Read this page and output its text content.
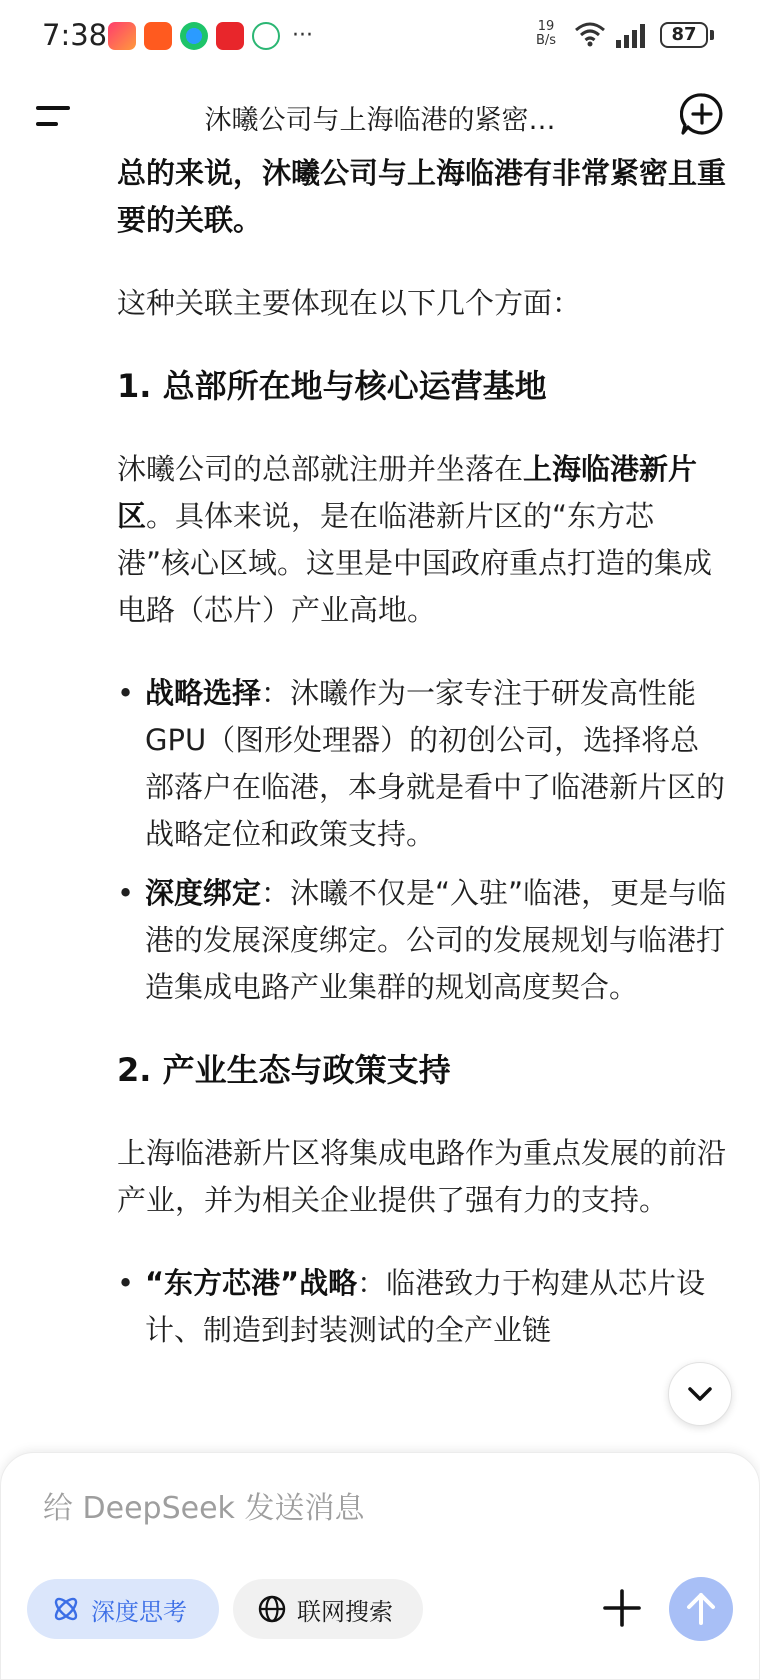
7:38	···	19
B/s	87
沐曦公司与上海临港的紧密…

总的来说，沐曦公司与上海临港有非常紧密且重要的关联。

这种关联主要体现在以下几个方面：

1. 总部所在地与核心运营基地

沐曦公司的总部就注册并坐落在上海临港新片区。具体来说，是在临港新片区的“东方芯港”核心区域。这里是中国政府重点打造的集成电路（芯片）产业高地。

• 战略选择：沐曦作为一家专注于研发高性能GPU（图形处理器）的初创公司，选择将总部落户在临港，本身就是看中了临港新片区的战略定位和政策支持。
• 深度绑定：沐曦不仅是“入驻”临港，更是与临港的发展深度绑定。公司的发展规划与临港打造集成电路产业集群的规划高度契合。

2. 产业生态与政策支持

上海临港新片区将集成电路作为重点发展的前沿产业，并为相关企业提供了强有力的支持。

• “东方芯港”战略：临港致力于构建从芯片设计、制造到封装测试的全产业链
给 DeepSeek 发送消息
深度思考	联网搜索
